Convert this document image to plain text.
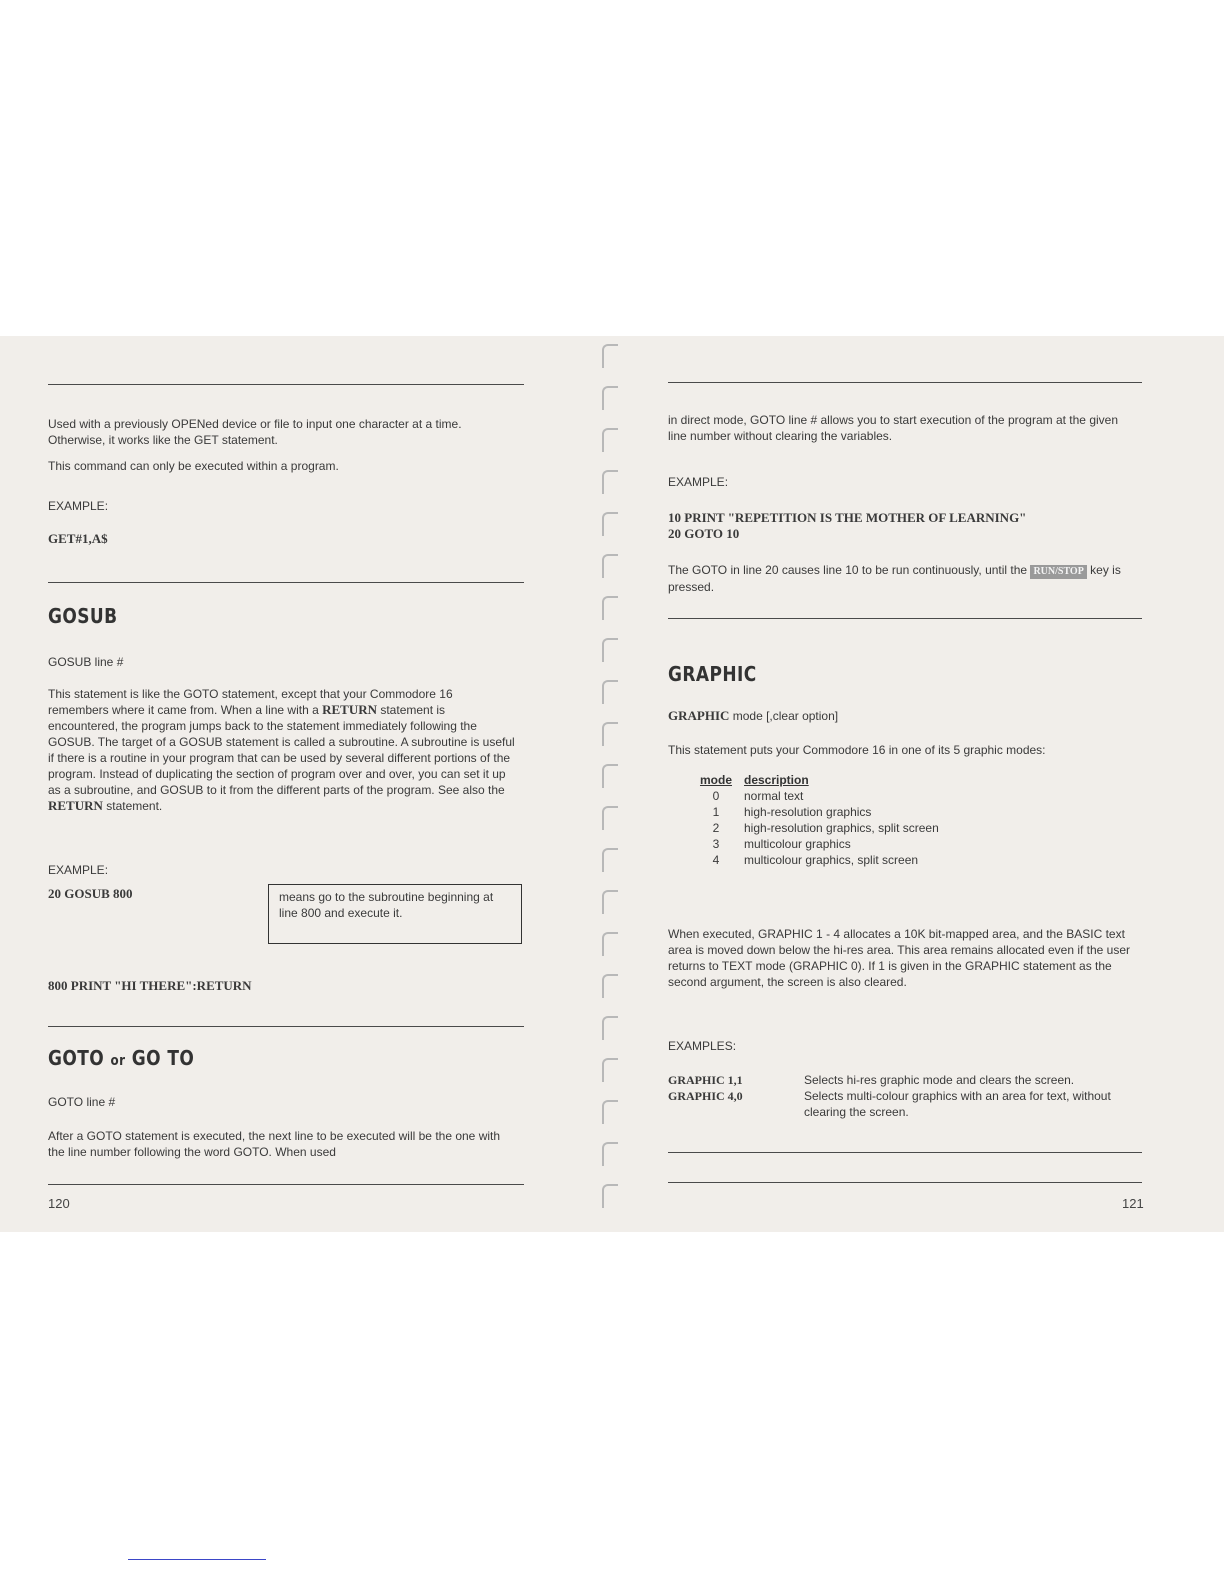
Used with a previously OPENed device or file to input one character at a time. Otherwise, it works like the GET statement.

This command can only be executed within a program.

EXAMPLE:

GET#1,A$

GOSUB

GOSUB line #

This statement is like the GOTO statement, except that your Commodore 16 remembers where it came from. When a line with a RETURN statement is encountered, the program jumps back to the statement immediately following the GOSUB. The target of a GOSUB statement is called a subroutine. A subroutine is useful if there is a routine in your program that can be used by several different portions of the program. Instead of duplicating the section of program over and over, you can set it up as a subroutine, and GOSUB to it from the different parts of the program. See also the RETURN statement.

EXAMPLE:

20 GOSUB 800	means go to the subroutine beginning at line 800 and execute it.

800 PRINT "HI THERE":RETURN

GOTO or GO TO

GOTO line #

After a GOTO statement is executed, the next line to be executed will be the one with the line number following the word GOTO. When used

120

in direct mode, GOTO line # allows you to start execution of the program at the given line number without clearing the variables.

EXAMPLE:

10 PRINT "REPETITION IS THE MOTHER OF LEARNING"

20 GOTO 10

The GOTO in line 20 causes line 10 to be run continuously, until the RUN/STOP key is pressed.

GRAPHIC

GRAPHIC mode [,clear option]

This statement puts your Commodore 16 in one of its 5 graphic modes:

mode	description
0	normal text
1	high-resolution graphics
2	high-resolution graphics, split screen
3	multicolour graphics
4	multicolour graphics, split screen

When executed, GRAPHIC 1 - 4 allocates a 10K bit-mapped area, and the BASIC text area is moved down below the hi-res area. This area remains allocated even if the user returns to TEXT mode (GRAPHIC 0). If 1 is given in the GRAPHIC statement as the second argument, the screen is also cleared.

EXAMPLES:

GRAPHIC 1,1	Selects hi-res graphic mode and clears the screen.
GRAPHIC 4,0	Selects multi-colour graphics with an area for text, without clearing the screen.
121
